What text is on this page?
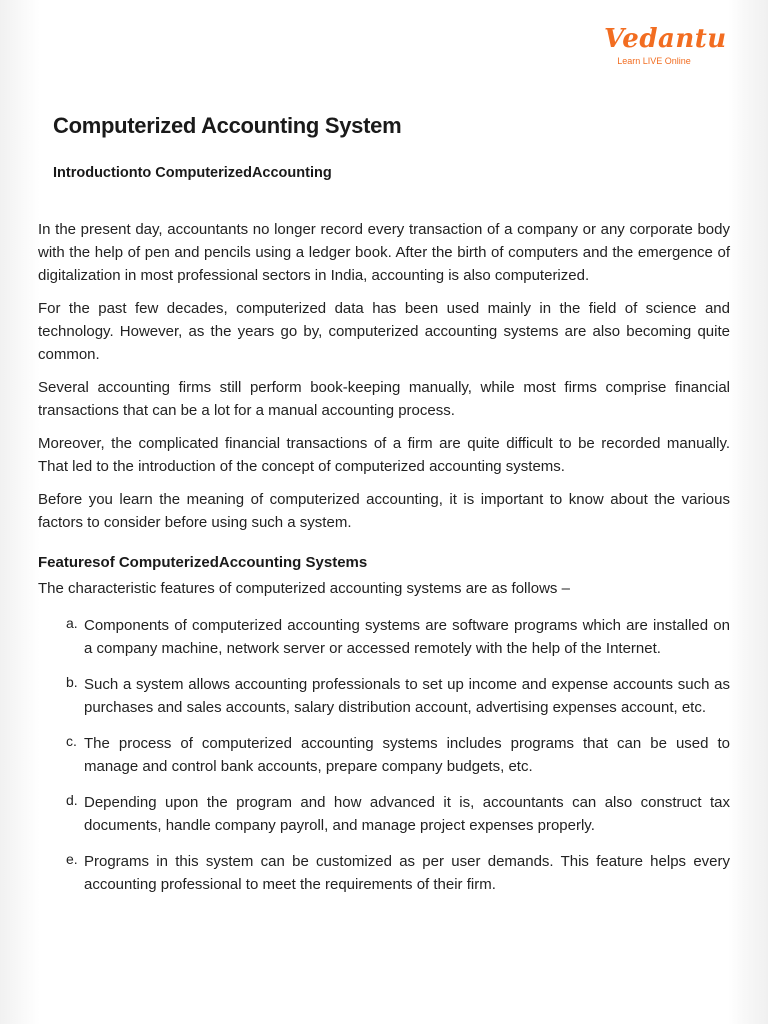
Vedantu
Learn LIVE Online
Computerized Accounting System
Introductionto ComputerizedAccounting

In the present day, accountants no longer record every transaction of a company or any corporate body with the help of pen and pencils using a ledger book. After the birth of computers and the emergence of digitalization in most professional sectors in India, accounting is also computerized.

For the past few decades, computerized data has been used mainly in the field of science and technology. However, as the years go by, computerized accounting systems are also becoming quite common.

Several accounting firms still perform book-keeping manually, while most firms comprise financial transactions that can be a lot for a manual accounting process.

Moreover, the complicated financial transactions of a firm are quite difficult to be recorded manually. That led to the introduction of the concept of computerized accounting systems.

Before you learn the meaning of computerized accounting, it is important to know about the various factors to consider before using such a system.

Featuresof ComputerizedAccounting Systems

The characteristic features of computerized accounting systems are as follows –

a. Components of computerized accounting systems are software programs which are installed on a company machine, network server or accessed remotely with the help of the Internet.
b. Such a system allows accounting professionals to set up income and expense accounts such as purchases and sales accounts, salary distribution account, advertising expenses account, etc.
c. The process of computerized accounting systems includes programs that can be used to manage and control bank accounts, prepare company budgets, etc.
d. Depending upon the program and how advanced it is, accountants can also construct tax documents, handle company payroll, and manage project expenses properly.
e. Programs in this system can be customized as per user demands. This feature helps every accounting professional to meet the requirements of their firm.
